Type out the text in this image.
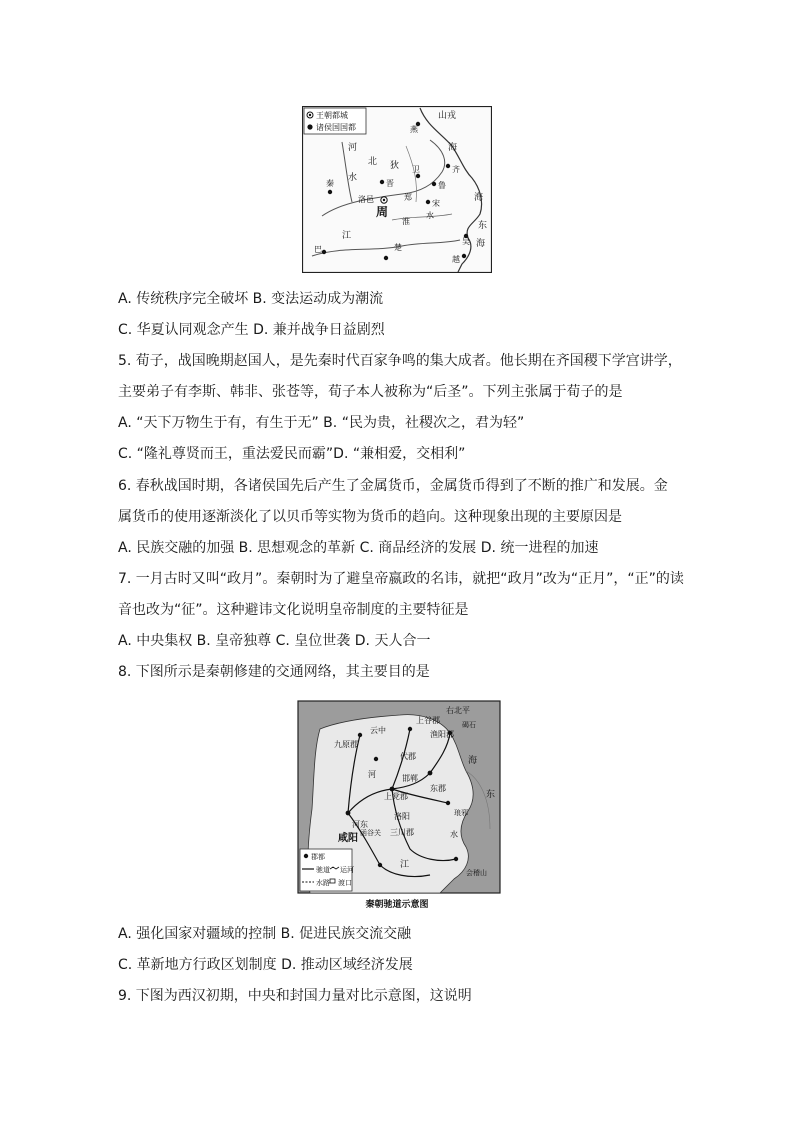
王朝都城
诸侯国国都
山戎
燕
河
北 狄
海
齐
秦
水
晋
卫
鲁
洛邑
周
郑
宋
淮
水
海
东
海
江
楚
巴
吴
越
A. 传统秩序完全破坏 B. 变法运动成为潮流
C. 华夏认同观念产生 D. 兼并战争日益剧烈
5. 荀子，战国晚期赵国人，是先秦时代百家争鸣的集大成者。他长期在齐国稷下学宫讲学，
主要弟子有李斯、韩非、张苍等，荀子本人被称为“后圣”。下列主张属于荀子的是
A. “天下万物生于有，有生于无” B. “民为贵，社稷次之，君为轻”
C. “隆礼尊贤而王，重法爱民而霸”D. “兼相爱，交相利”
6. 春秋战国时期，各诸侯国先后产生了金属货币，金属货币得到了不断的推广和发展。金
属货币的使用逐渐淡化了以贝币等实物为货币的趋向。这种现象出现的主要原因是
A. 民族交融的加强 B. 思想观念的革新 C. 商品经济的发展 D. 统一进程的加速
7. 一月古时又叫“政月”。秦朝时为了避皇帝嬴政的名讳，就把“政月”改为“正月”，“正”的读
音也改为“征”。这种避讳文化说明皇帝制度的主要特征是
A. 中央集权 B. 皇帝独尊 C. 皇位世袭 D. 天人合一
8. 下图所示是秦朝修建的交通网络，其主要目的是
云中
九原郡
上谷郡
渔阳郡
右北平
代郡
碣石
河	邯郸
上党郡
东郡
河东
洛阳
咸阳
三川郡
函谷关
琅邪
海
东
江
会稽山
水
郡都
驰道
水路
运河
渡口
秦朝驰道示意图
A. 强化国家对疆域的控制 B. 促进民族交流交融
C. 革新地方行政区划制度 D. 推动区域经济发展
9. 下图为西汉初期，中央和封国力量对比示意图，这说明
